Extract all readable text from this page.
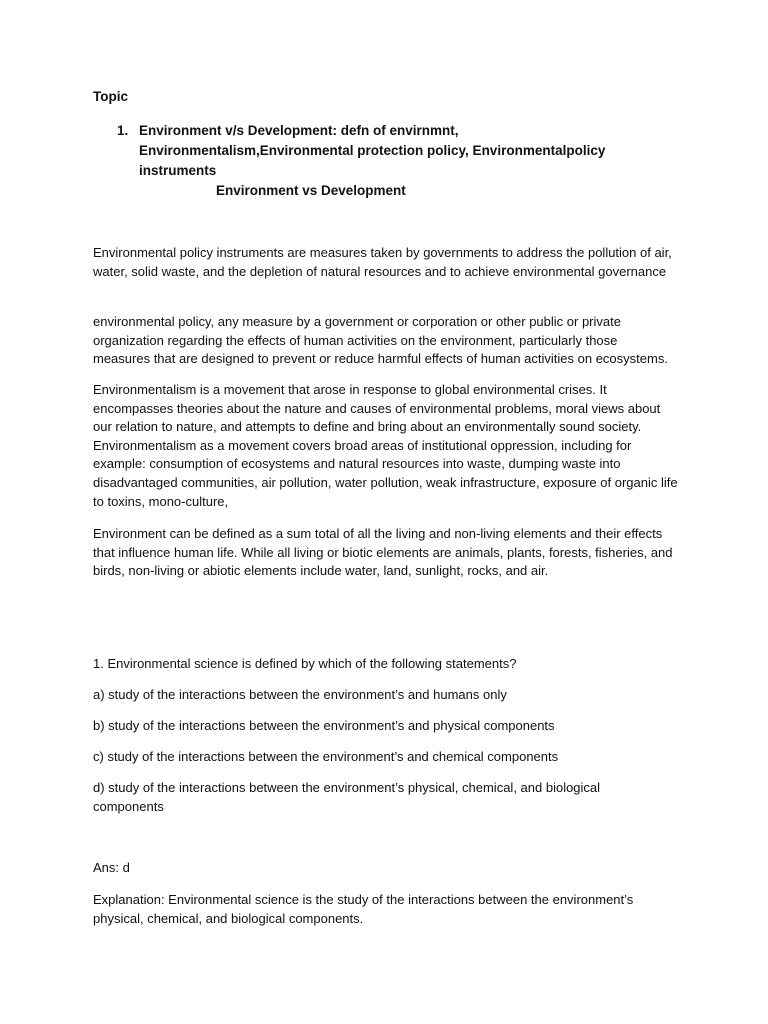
Topic
1. Environment v/s Development: defn of envirnmnt, Environmentalism,Environmental protection policy, Environmentalpolicy instruments
Environment vs Development

Environmental policy instruments are measures taken by governments to address the pollution of air, water, solid waste, and the depletion of natural resources and to achieve environmental governance

environmental policy, any measure by a government or corporation or other public or private organization regarding the effects of human activities on the environment, particularly those measures that are designed to prevent or reduce harmful effects of human activities on ecosystems.

Environmentalism is a movement that arose in response to global environmental crises. It encompasses theories about the nature and causes of environmental problems, moral views about our relation to nature, and attempts to define and bring about an environmentally sound society. Environmentalism as a movement covers broad areas of institutional oppression, including for example: consumption of ecosystems and natural resources into waste, dumping waste into disadvantaged communities, air pollution, water pollution, weak infrastructure, exposure of organic life to toxins, mono-culture,

Environment can be defined as a sum total of all the living and non-living elements and their effects that influence human life. While all living or biotic elements are animals, plants, forests, fisheries, and birds, non-living or abiotic elements include water, land, sunlight, rocks, and air.

1. Environmental science is defined by which of the following statements?

a) study of the interactions between the environment’s and humans only

b) study of the interactions between the environment’s and physical components

c) study of the interactions between the environment’s and chemical components

d) study of the interactions between the environment’s physical, chemical, and biological components

Ans: d

Explanation: Environmental science is the study of the interactions between the environment’s physical, chemical, and biological components.
